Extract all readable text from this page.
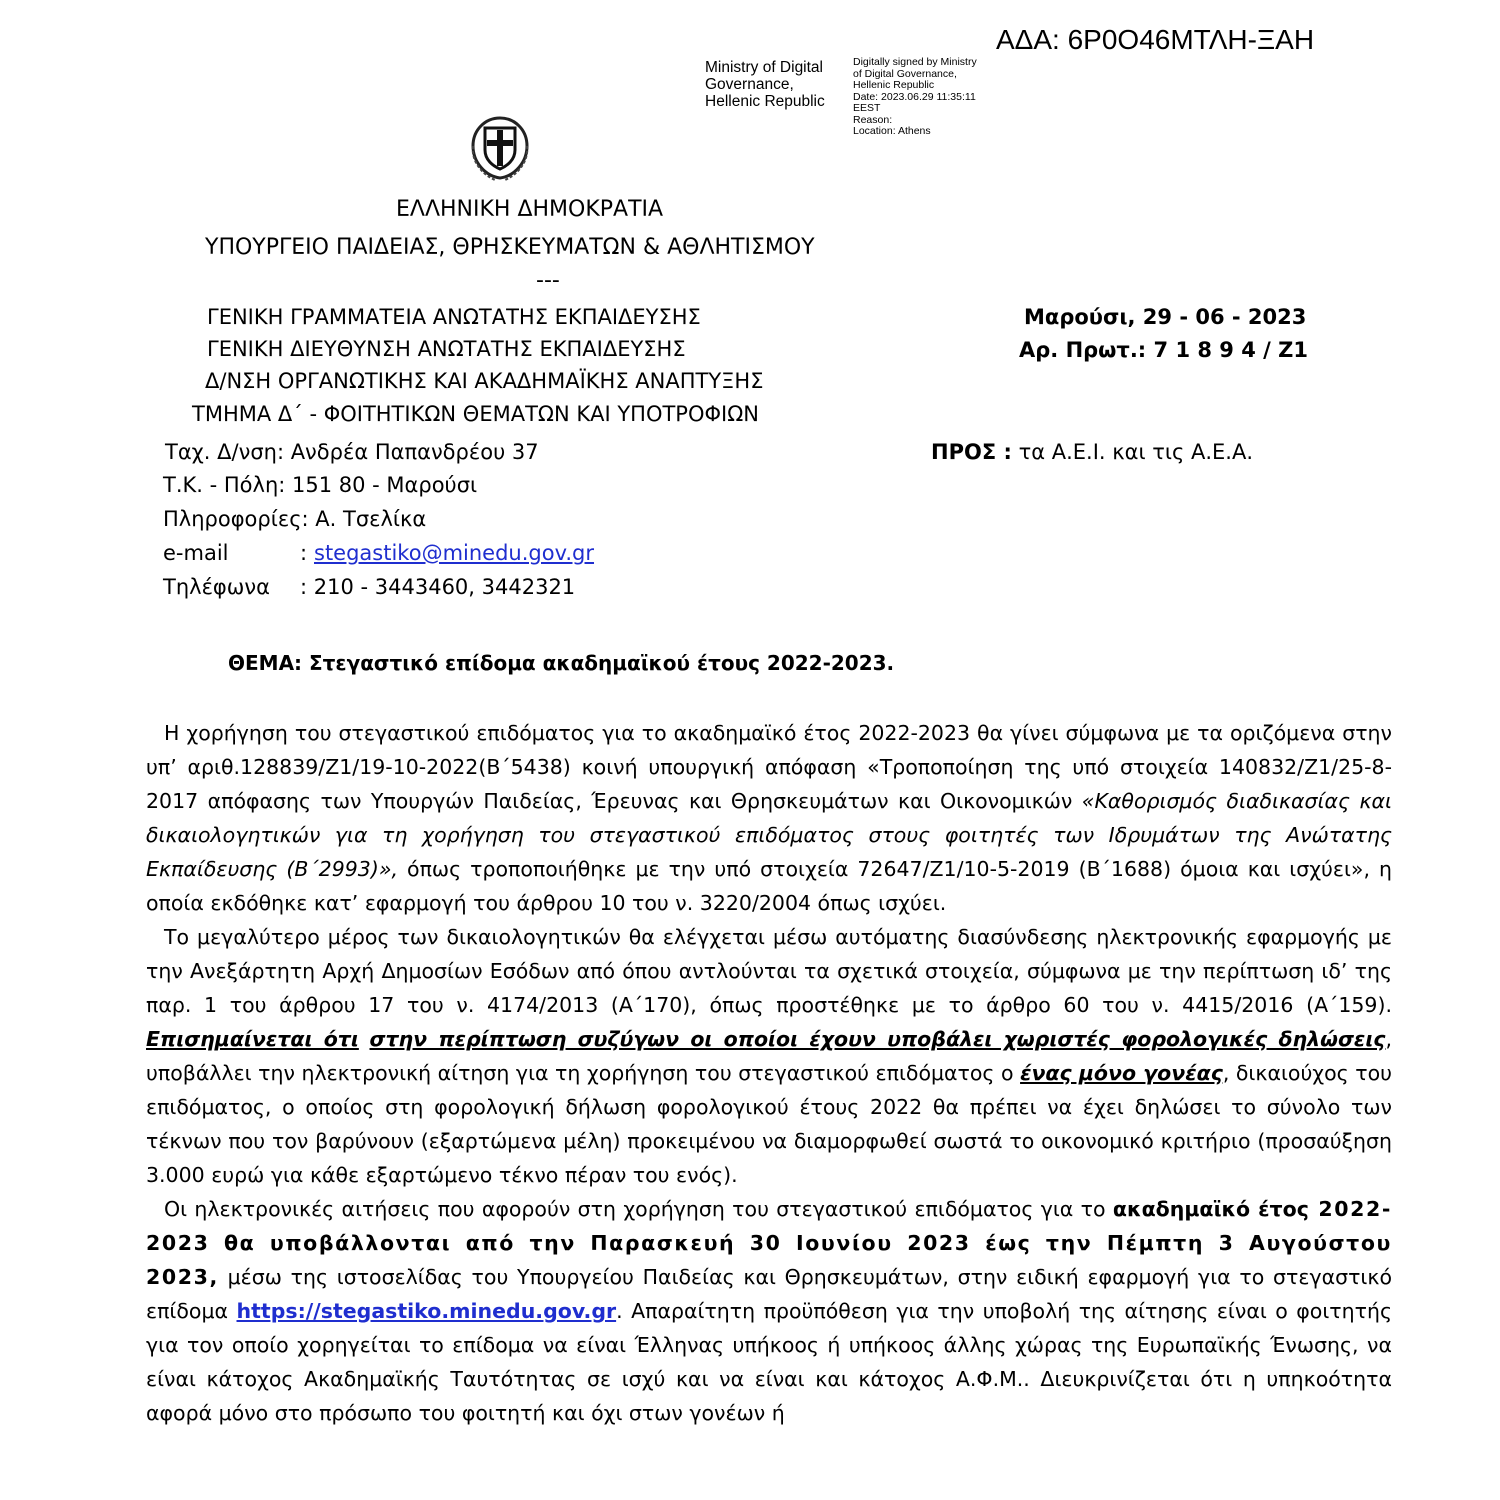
ΑΔΑ: 6Ρ0Ο46ΜΤΛΗ-ΞΑΗ
Ministry of Digital
Governance,
Hellenic Republic
Digitally signed by Ministry
of Digital Governance,
Hellenic Republic
Date: 2023.06.29 11:35:11
EEST
Reason:
Location: Athens
ΕΛΛΗΝΙΚΗ ΔΗΜΟΚΡΑΤΙΑ
ΥΠΟΥΡΓΕΙΟ ΠΑΙΔΕΙΑΣ, ΘΡΗΣΚΕΥΜΑΤΩΝ & ΑΘΛΗΤΙΣΜΟΥ
---
ΓΕΝΙΚΗ ΓΡΑΜΜΑΤΕΙΑ ΑΝΩΤΑΤΗΣ ΕΚΠΑΙΔΕΥΣΗΣ
ΓΕΝΙΚΗ ΔΙΕΥΘΥΝΣΗ ΑΝΩΤΑΤΗΣ ΕΚΠΑΙΔΕΥΣΗΣ
Δ/ΝΣΗ ΟΡΓΑΝΩΤΙΚΗΣ ΚΑΙ ΑΚΑΔΗΜΑΪΚΗΣ ΑΝΑΠΤΥΞΗΣ
ΤΜΗΜΑ Δ΄ - ΦΟΙΤΗΤΙΚΩΝ ΘΕΜΑΤΩΝ ΚΑΙ ΥΠΟΤΡΟΦΙΩΝ
Μαρούσι, 29 - 06 - 2023
Αρ. Πρωτ.: 7 1 8 9 4 / Ζ1
ΠΡΟΣ : τα Α.Ε.Ι. και τις Α.Ε.Α.
Ταχ. Δ/νση: Ανδρέα Παπανδρέου 37
Τ.Κ. - Πόλη: 151 80 - Μαρούσι
Πληροφορίες: Α. Τσελίκα
e-mail	: stegastiko@minedu.gov.gr
Τηλέφωνα : 210 - 3443460, 3442321
ΘΕΜΑ: Στεγαστικό επίδομα ακαδημαϊκού έτους 2022-2023.

Η χορήγηση του στεγαστικού επιδόματος για το ακαδημαϊκό έτος 2022-2023 θα γίνει σύμφωνα με τα οριζόμενα στην υπ’ αριθ.128839/Ζ1/19-10-2022(Β΄5438) κοινή υπουργική απόφαση «Τροποποίηση της υπό στοιχεία 140832/Ζ1/25-8-2017 απόφασης των Υπουργών Παιδείας, Έρευνας και Θρησκευμάτων και Οικονομικών «Καθορισμός διαδικασίας και δικαιολογητικών για τη χορήγηση του στεγαστικού επιδόματος στους φοιτητές των Ιδρυμάτων της Ανώτατης Εκπαίδευσης (Β΄2993)», όπως τροποποιήθηκε με την υπό στοιχεία 72647/Ζ1/10-5-2019 (Β΄1688) όμοια και ισχύει», η οποία εκδόθηκε κατ’ εφαρμογή του άρθρου 10 του ν. 3220/2004 όπως ισχύει.

Το μεγαλύτερο μέρος των δικαιολογητικών θα ελέγχεται μέσω αυτόματης διασύνδεσης ηλεκτρονικής εφαρμογής με την Ανεξάρτητη Αρχή Δημοσίων Εσόδων από όπου αντλούνται τα σχετικά στοιχεία, σύμφωνα με την περίπτωση ιδ’ της παρ. 1 του άρθρου 17 του ν. 4174/2013 (Α΄170), όπως προστέθηκε με το άρθρο 60 του ν. 4415/2016 (Α΄159). Επισημαίνεται ότι στην περίπτωση συζύγων οι οποίοι έχουν υποβάλει χωριστές φορολογικές δηλώσεις, υποβάλλει την ηλεκτρονική αίτηση για τη χορήγηση του στεγαστικού επιδόματος ο ένας μόνο γονέας, δικαιούχος του επιδόματος, ο οποίος στη φορολογική δήλωση φορολογικού έτους 2022 θα πρέπει να έχει δηλώσει το σύνολο των τέκνων που τον βαρύνουν (εξαρτώμενα μέλη) προκειμένου να διαμορφωθεί σωστά το οικονομικό κριτήριο (προσαύξηση 3.000 ευρώ για κάθε εξαρτώμενο τέκνο πέραν του ενός).

Οι ηλεκτρονικές αιτήσεις που αφορούν στη χορήγηση του στεγαστικού επιδόματος για το ακαδημαϊκό έτος 2022-2023 θα υποβάλλονται από την Παρασκευή 30 Ιουνίου 2023 έως την Πέμπτη 3 Αυγούστου 2023, μέσω της ιστοσελίδας του Υπουργείου Παιδείας και Θρησκευμάτων, στην ειδική εφαρμογή για το στεγαστικό επίδομα https://stegastiko.minedu.gov.gr. Απαραίτητη προϋπόθεση για την υποβολή της αίτησης είναι ο φοιτητής για τον οποίο χορηγείται το επίδομα να είναι Έλληνας υπήκοος ή υπήκοος άλλης χώρας της Ευρωπαϊκής Ένωσης, να είναι κάτοχος Ακαδημαϊκής Ταυτότητας σε ισχύ και να είναι και κάτοχος Α.Φ.Μ.. Διευκρινίζεται ότι η υπηκοότητα αφορά μόνο στο πρόσωπο του φοιτητή και όχι στων γονέων ή
